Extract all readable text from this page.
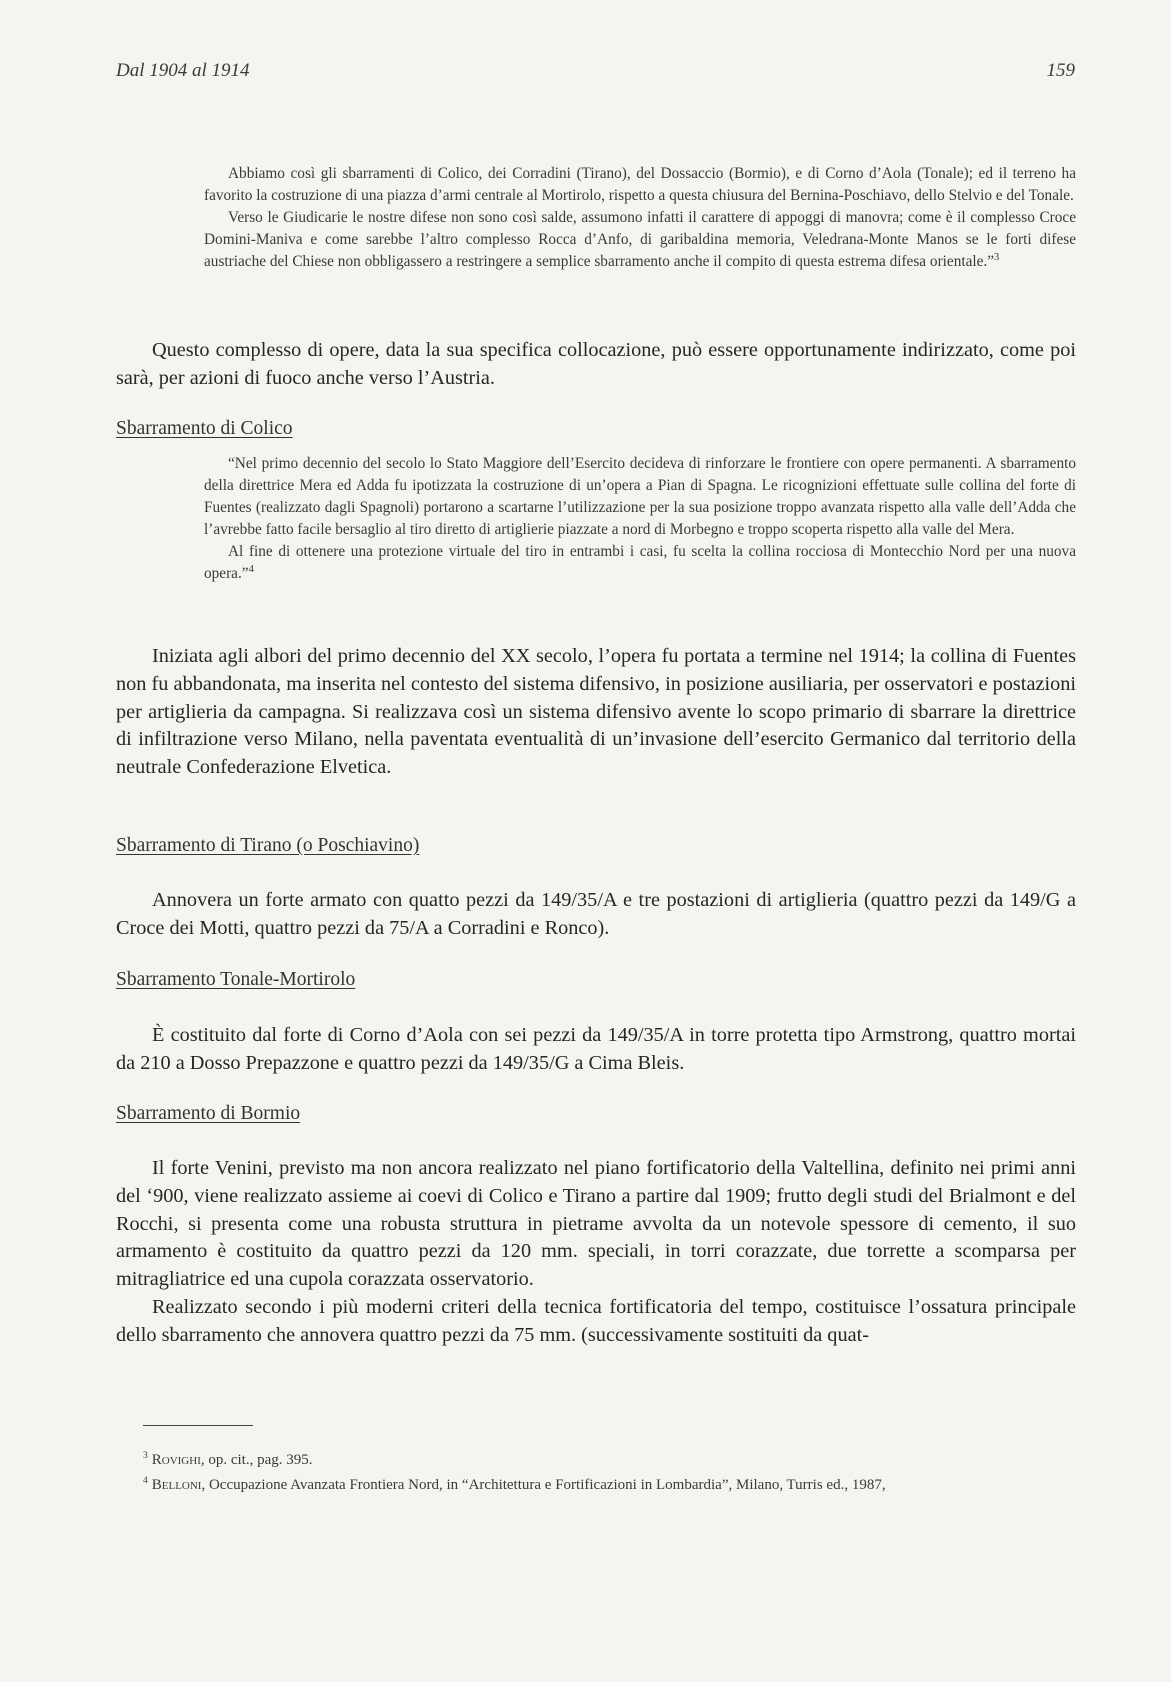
Dal 1904 al 1914	159

Abbiamo così gli sbarramenti di Colico, dei Corradini (Tirano), del Dossaccio (Bormio), e di Corno d’Aola (Tonale); ed il terreno ha favorito la costruzione di una piazza d’armi centrale al Mortirolo, rispetto a questa chiusura del Bernina-Poschiavo, dello Stelvio e del Tonale.

Verso le Giudicarie le nostre difese non sono così salde, assumono infatti il carattere di appoggi di manovra; come è il complesso Croce Domini-Maniva e come sarebbe l’altro complesso Rocca d’Anfo, di garibaldina memoria, Veledrana-Monte Manos se le forti difese austriache del Chiese non obbligassero a restringere a semplice sbarramento anche il compito di questa estrema difesa orientale.”$^3$

Questo complesso di opere, data la sua specifica collocazione, può essere opportunamente indirizzato, come poi sarà, per azioni di fuoco anche verso l’Austria.

Sbarramento di Colico

“Nel primo decennio del secolo lo Stato Maggiore dell’Esercito decideva di rinforzare le frontiere con opere permanenti. A sbarramento della direttrice Mera ed Adda fu ipotizzata la costruzione di un’opera a Pian di Spagna. Le ricognizioni effettuate sulle collina del forte di Fuentes (realizzato dagli Spagnoli) portarono a scartarne l’utilizzazione per la sua posizione troppo avanzata rispetto alla valle dell’Adda che l’avrebbe fatto facile bersaglio al tiro diretto di artiglierie piazzate a nord di Morbegno e troppo scoperta rispetto alla valle del Mera.

Al fine di ottenere una protezione virtuale del tiro in entrambi i casi, fu scelta la collina rocciosa di Montecchio Nord per una nuova opera.”$^4$

Iniziata agli albori del primo decennio del XX secolo, l’opera fu portata a termine nel 1914; la collina di Fuentes non fu abbandonata, ma inserita nel contesto del sistema difensivo, in posizione ausiliaria, per osservatori e postazioni per artiglieria da campagna. Si realizzava così un sistema difensivo avente lo scopo primario di sbarrare la direttrice di infiltrazione verso Milano, nella paventata eventualità di un’invasione dell’esercito Germanico dal territorio della neutrale Confederazione Elvetica.

Sbarramento di Tirano (o Poschiavino)

Annovera un forte armato con quatto pezzi da 149/35/A e tre postazioni di artiglieria (quattro pezzi da 149/G a Croce dei Motti, quattro pezzi da 75/A a Corradini e Ronco).

Sbarramento Tonale-Mortirolo

È costituito dal forte di Corno d’Aola con sei pezzi da 149/35/A in torre protetta tipo Armstrong, quattro mortai da 210 a Dosso Prepazzone e quattro pezzi da 149/35/G a Cima Bleis.

Sbarramento di Bormio

Il forte Venini, previsto ma non ancora realizzato nel piano fortificatorio della Valtellina, definito nei primi anni del ‘900, viene realizzato assieme ai coevi di Colico e Tirano a partire dal 1909; frutto degli studi del Brialmont e del Rocchi, si presenta come una robusta struttura in pietrame avvolta da un notevole spessore di cemento, il suo armamento è costituito da quattro pezzi da 120 mm. speciali, in torri corazzate, due torrette a scomparsa per mitragliatrice ed una cupola corazzata osservatorio.

Realizzato secondo i più moderni criteri della tecnica fortificatoria del tempo, costituisce l’ossatura principale dello sbarramento che annovera quattro pezzi da 75 mm. (successivamente sostituiti da quat-

$^3$ Rovighi, op. cit., pag. 395.

$^4$ Belloni, Occupazione Avanzata Frontiera Nord, in “Architettura e Fortificazioni in Lombardia”, Milano, Turris ed., 1987,
